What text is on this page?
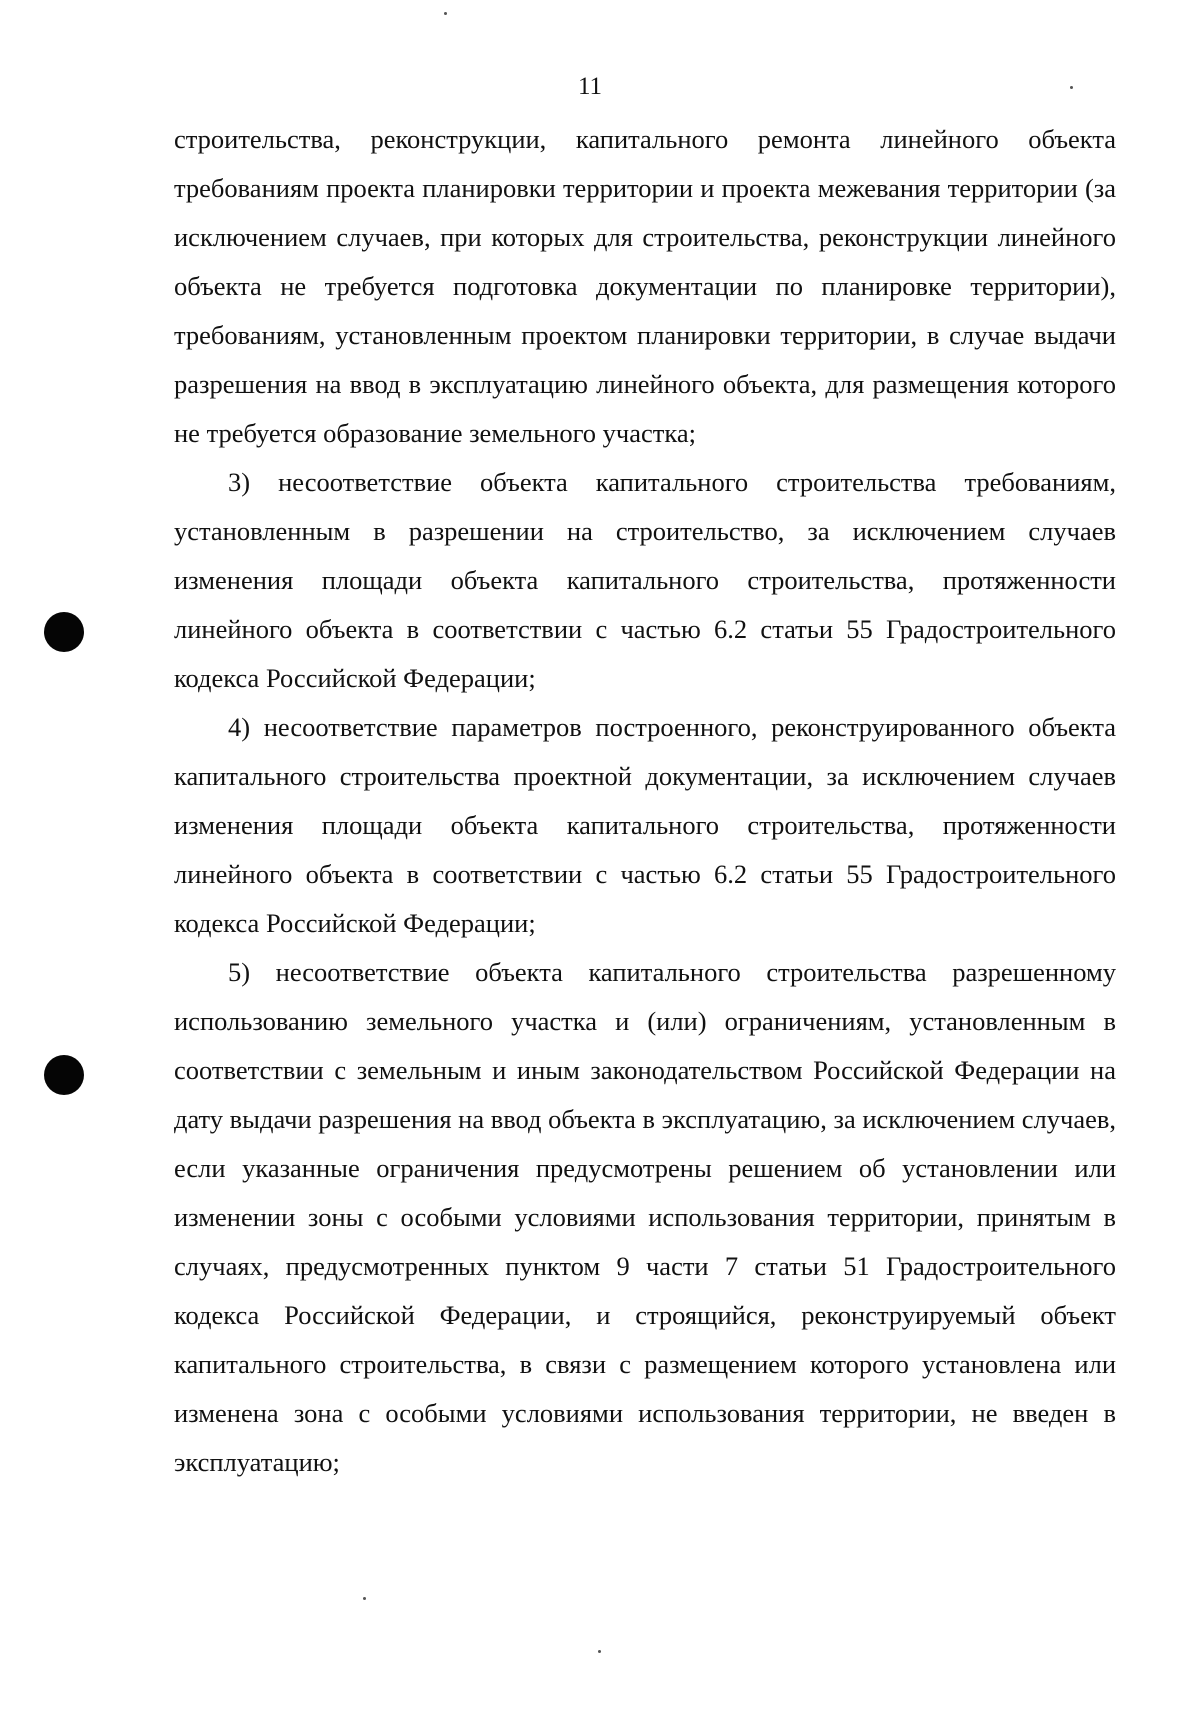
11

строительства, реконструкции, капитального ремонта линейного объекта требованиям проекта планировки территории и проекта межевания территории (за исключением случаев, при которых для строительства, реконструкции линейного объекта не требуется подготовка документации по планировке территории), требованиям, установленным проектом планировки территории, в случае выдачи разрешения на ввод в эксплуатацию линейного объекта, для размещения которого не требуется образование земельного участка;

3) несоответствие объекта капитального строительства требованиям, установленным в разрешении на строительство, за исключением случаев изменения площади объекта капитального строительства, протяженности линейного объекта в соответствии с частью 6.2 статьи 55 Градостроительного кодекса Российской Федерации;

4) несоответствие параметров построенного, реконструированного объекта капитального строительства проектной документации, за исключением случаев изменения площади объекта капитального строительства, протяженности линейного объекта в соответствии с частью 6.2 статьи 55 Градостроительного кодекса Российской Федерации;

5) несоответствие объекта капитального строительства разрешенному использованию земельного участка и (или) ограничениям, установленным в соответствии с земельным и иным законодательством Российской Федерации на дату выдачи разрешения на ввод объекта в эксплуатацию, за исключением случаев, если указанные ограничения предусмотрены решением об установлении или изменении зоны с особыми условиями использования территории, принятым в случаях, предусмотренных пунктом 9 части 7 статьи 51 Градостроительного кодекса Российской Федерации, и строящийся, реконструируемый объект капитального строительства, в связи с размещением которого установлена или изменена зона с особыми условиями использования территории, не введен в эксплуатацию;
